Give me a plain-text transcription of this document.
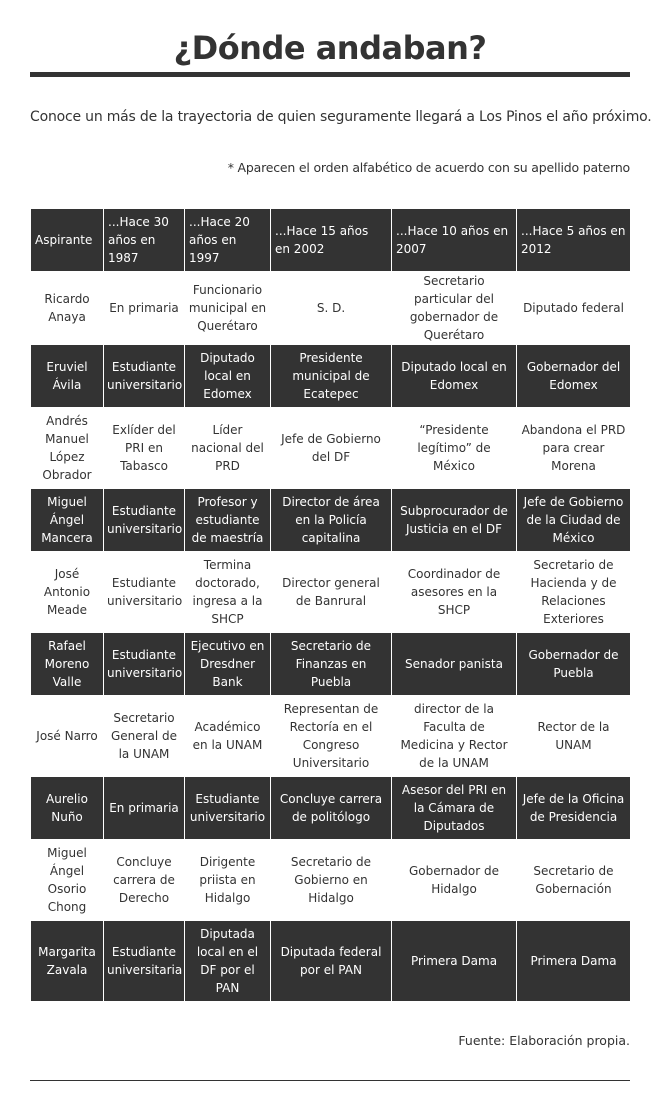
¿Dónde andaban?
Conoce un más de la trayectoria de quien seguramente llegará a Los Pinos el año próximo.
* Aparecen el orden alfabético de acuerdo con su apellido paterno
Aspirante	...Hace 30 años en 1987	...Hace 20 años en 1997	...Hace 15 años en 2002	...Hace 10 años en 2007	...Hace 5 años en 2012
Ricardo Anaya	En primaria	Funcionario municipal en Querétaro	S. D.	Secretario particular del gobernador de Querétaro	Diputado federal
Eruviel Ávila	Estudiante universitario	Diputado local en Edomex	Presidente municipal de Ecatepec	Diputado local en Edomex	Gobernador del Edomex
Andrés Manuel López Obrador	Exlíder del PRI en Tabasco	Líder nacional del PRD	Jefe de Gobierno del DF	“Presidente legítimo” de México	Abandona el PRD para crear Morena
Miguel Ángel Mancera	Estudiante universitario	Profesor y estudiante de maestría	Director de área en la Policía capitalina	Subprocurador de Justicia en el DF	Jefe de Gobierno de la Ciudad de México
José Antonio Meade	Estudiante universitario	Termina doctorado, ingresa a la SHCP	Director general de Banrural	Coordinador de asesores en la SHCP	Secretario de Hacienda y de Relaciones Exteriores
Rafael Moreno Valle	Estudiante universitario	Ejecutivo en Dresdner Bank	Secretario de Finanzas en Puebla	Senador panista	Gobernador de Puebla
José Narro	Secretario General de la UNAM	Académico en la UNAM	Representan de Rectoría en el Congreso Universitario	director de la Faculta de Medicina y Rector de la UNAM	Rector de la UNAM
Aurelio Nuño	En primaria	Estudiante universitario	Concluye carrera de politólogo	Asesor del PRI en la Cámara de Diputados	Jefe de la Oficina de Presidencia
Miguel Ángel Osorio Chong	Concluye carrera de Derecho	Dirigente priista en Hidalgo	Secretario de Gobierno en Hidalgo	Gobernador de Hidalgo	Secretario de Gobernación
Margarita Zavala	Estudiante universitaria	Diputada local en el DF por el PAN	Diputada federal por el PAN	Primera Dama	Primera Dama
Fuente: Elaboración propia.
